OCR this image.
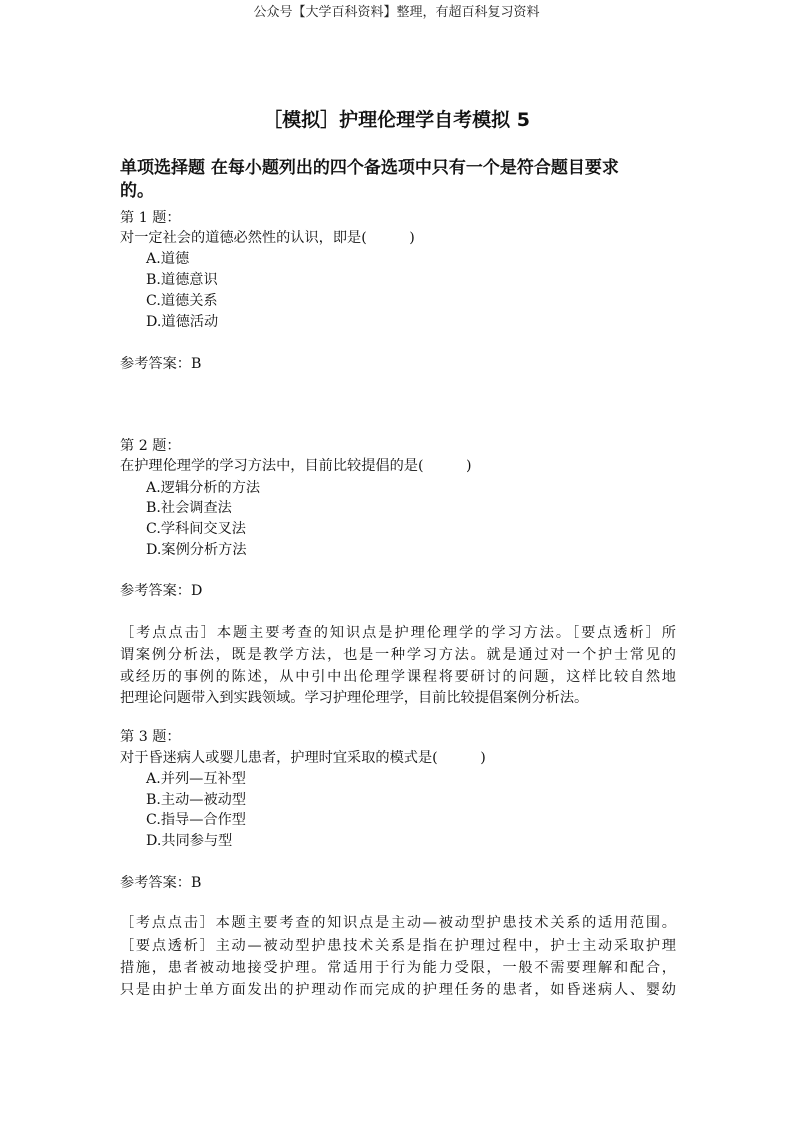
公众号【大学百科资料】整理，有超百科复习资料
［模拟］护理伦理学自考模拟 5
单项选择题 在每小题列出的四个备选项中只有一个是符合题目要求
的。
第 1 题：
对一定社会的道德必然性的认识，即是(　　　)
A.道德
B.道德意识
C.道德关系
D.道德活动
参考答案：B
第 2 题：
在护理伦理学的学习方法中，目前比较提倡的是(　　　)
A.逻辑分析的方法
B.社会调查法
C.学科间交叉法
D.案例分析方法
参考答案：D
［考点点击］本题主要考查的知识点是护理伦理学的学习方法。［要点透析］所
谓案例分析法，既是教学方法，也是一种学习方法。就是通过对一个护士常见的
或经历的事例的陈述，从中引中出伦理学课程将要研讨的问题，这样比较自然地
把理论问题带入到实践领域。学习护理伦理学，目前比较提倡案例分析法。
第 3 题：
对于昏迷病人或婴儿患者，护理时宜采取的模式是(　　　)
A.并列—互补型
B.主动—被动型
C.指导—合作型
D.共同参与型
参考答案：B
［考点点击］本题主要考查的知识点是主动—被动型护患技术关系的适用范围。
［要点透析］主动—被动型护患技术关系是指在护理过程中，护士主动采取护理
措施，患者被动地接受护理。常适用于行为能力受限，一般不需要理解和配合，
只是由护士单方面发出的护理动作而完成的护理任务的患者，如昏迷病人、婴幼
